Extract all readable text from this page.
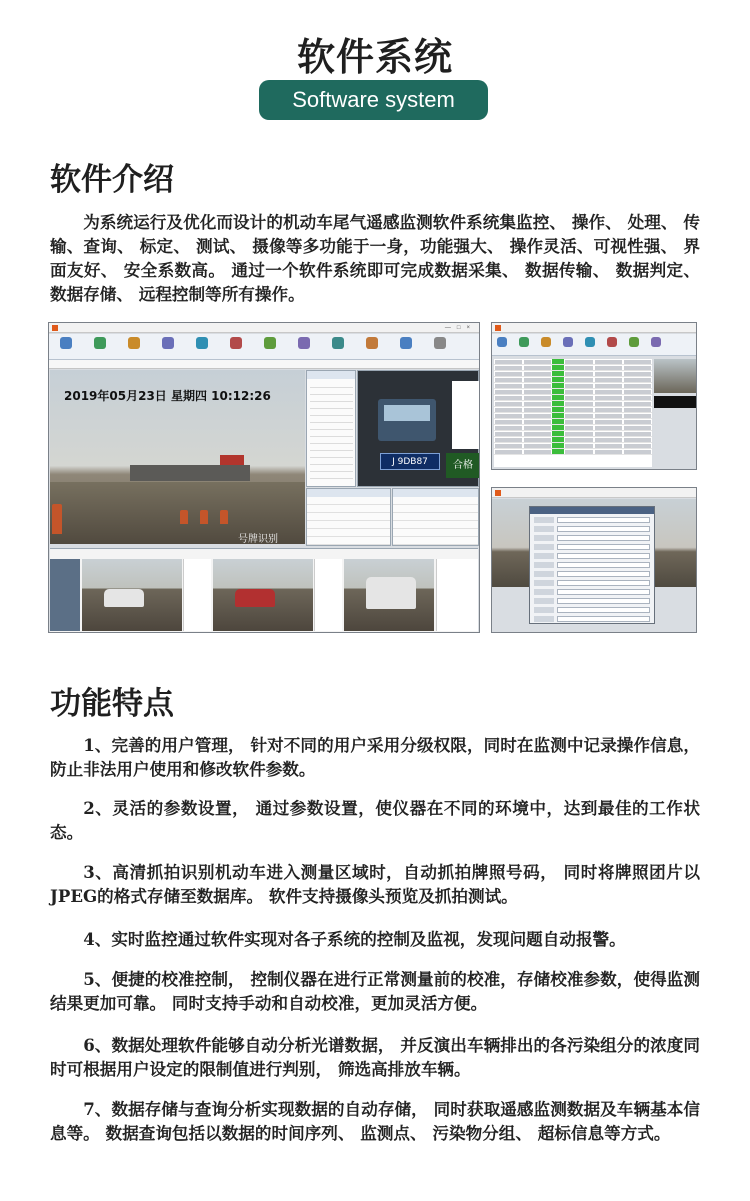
软件系统
Software system
软件介绍
为系统运行及优化而设计的机动车尾气遥感监测软件系统集监控、 操作、 处理、 传输、查询、 标定、 测试、 摄像等多功能于一身，功能强大、 操作灵活、可视性强、 界面友好、 安全系数高。 通过一个软件系统即可完成数据采集、 数据传输、 数据判定、 数据存储、 远程控制等所有操作。
—□×
2019年05月23日 星期四 10:12:26
号牌识别

J 9DB87	合格

功能特点
1、完善的用户管理， 针对不同的用户采用分级权限，同时在监测中记录操作信息， 防止非法用户使用和修改软件参数。
2、灵活的参数设置， 通过参数设置，使仪器在不同的环境中，达到最佳的工作状态。
3、高清抓拍识别机动车进入测量区域时，自动抓拍牌照号码， 同时将牌照团片以JPEG的格式存储至数据库。 软件支持摄像头预览及抓拍测试。
4、实时监控通过软件实现对各子系统的控制及监视，发现问题自动报警。
5、便捷的校准控制， 控制仪器在进行正常测量前的校准，存储校准参数，使得监测结果更加可靠。 同时支持手动和自动校准，更加灵活方便。
6、数据处理软件能够自动分析光谱数据， 并反演出车辆排出的各污染组分的浓度同时可根据用户设定的限制值进行判别， 筛选高排放车辆。
7、数据存储与查询分析实现数据的自动存储， 同时获取遥感监测数据及车辆基本信息等。 数据查询包括以数据的时间序列、 监测点、 污染物分组、 超标信息等方式。
